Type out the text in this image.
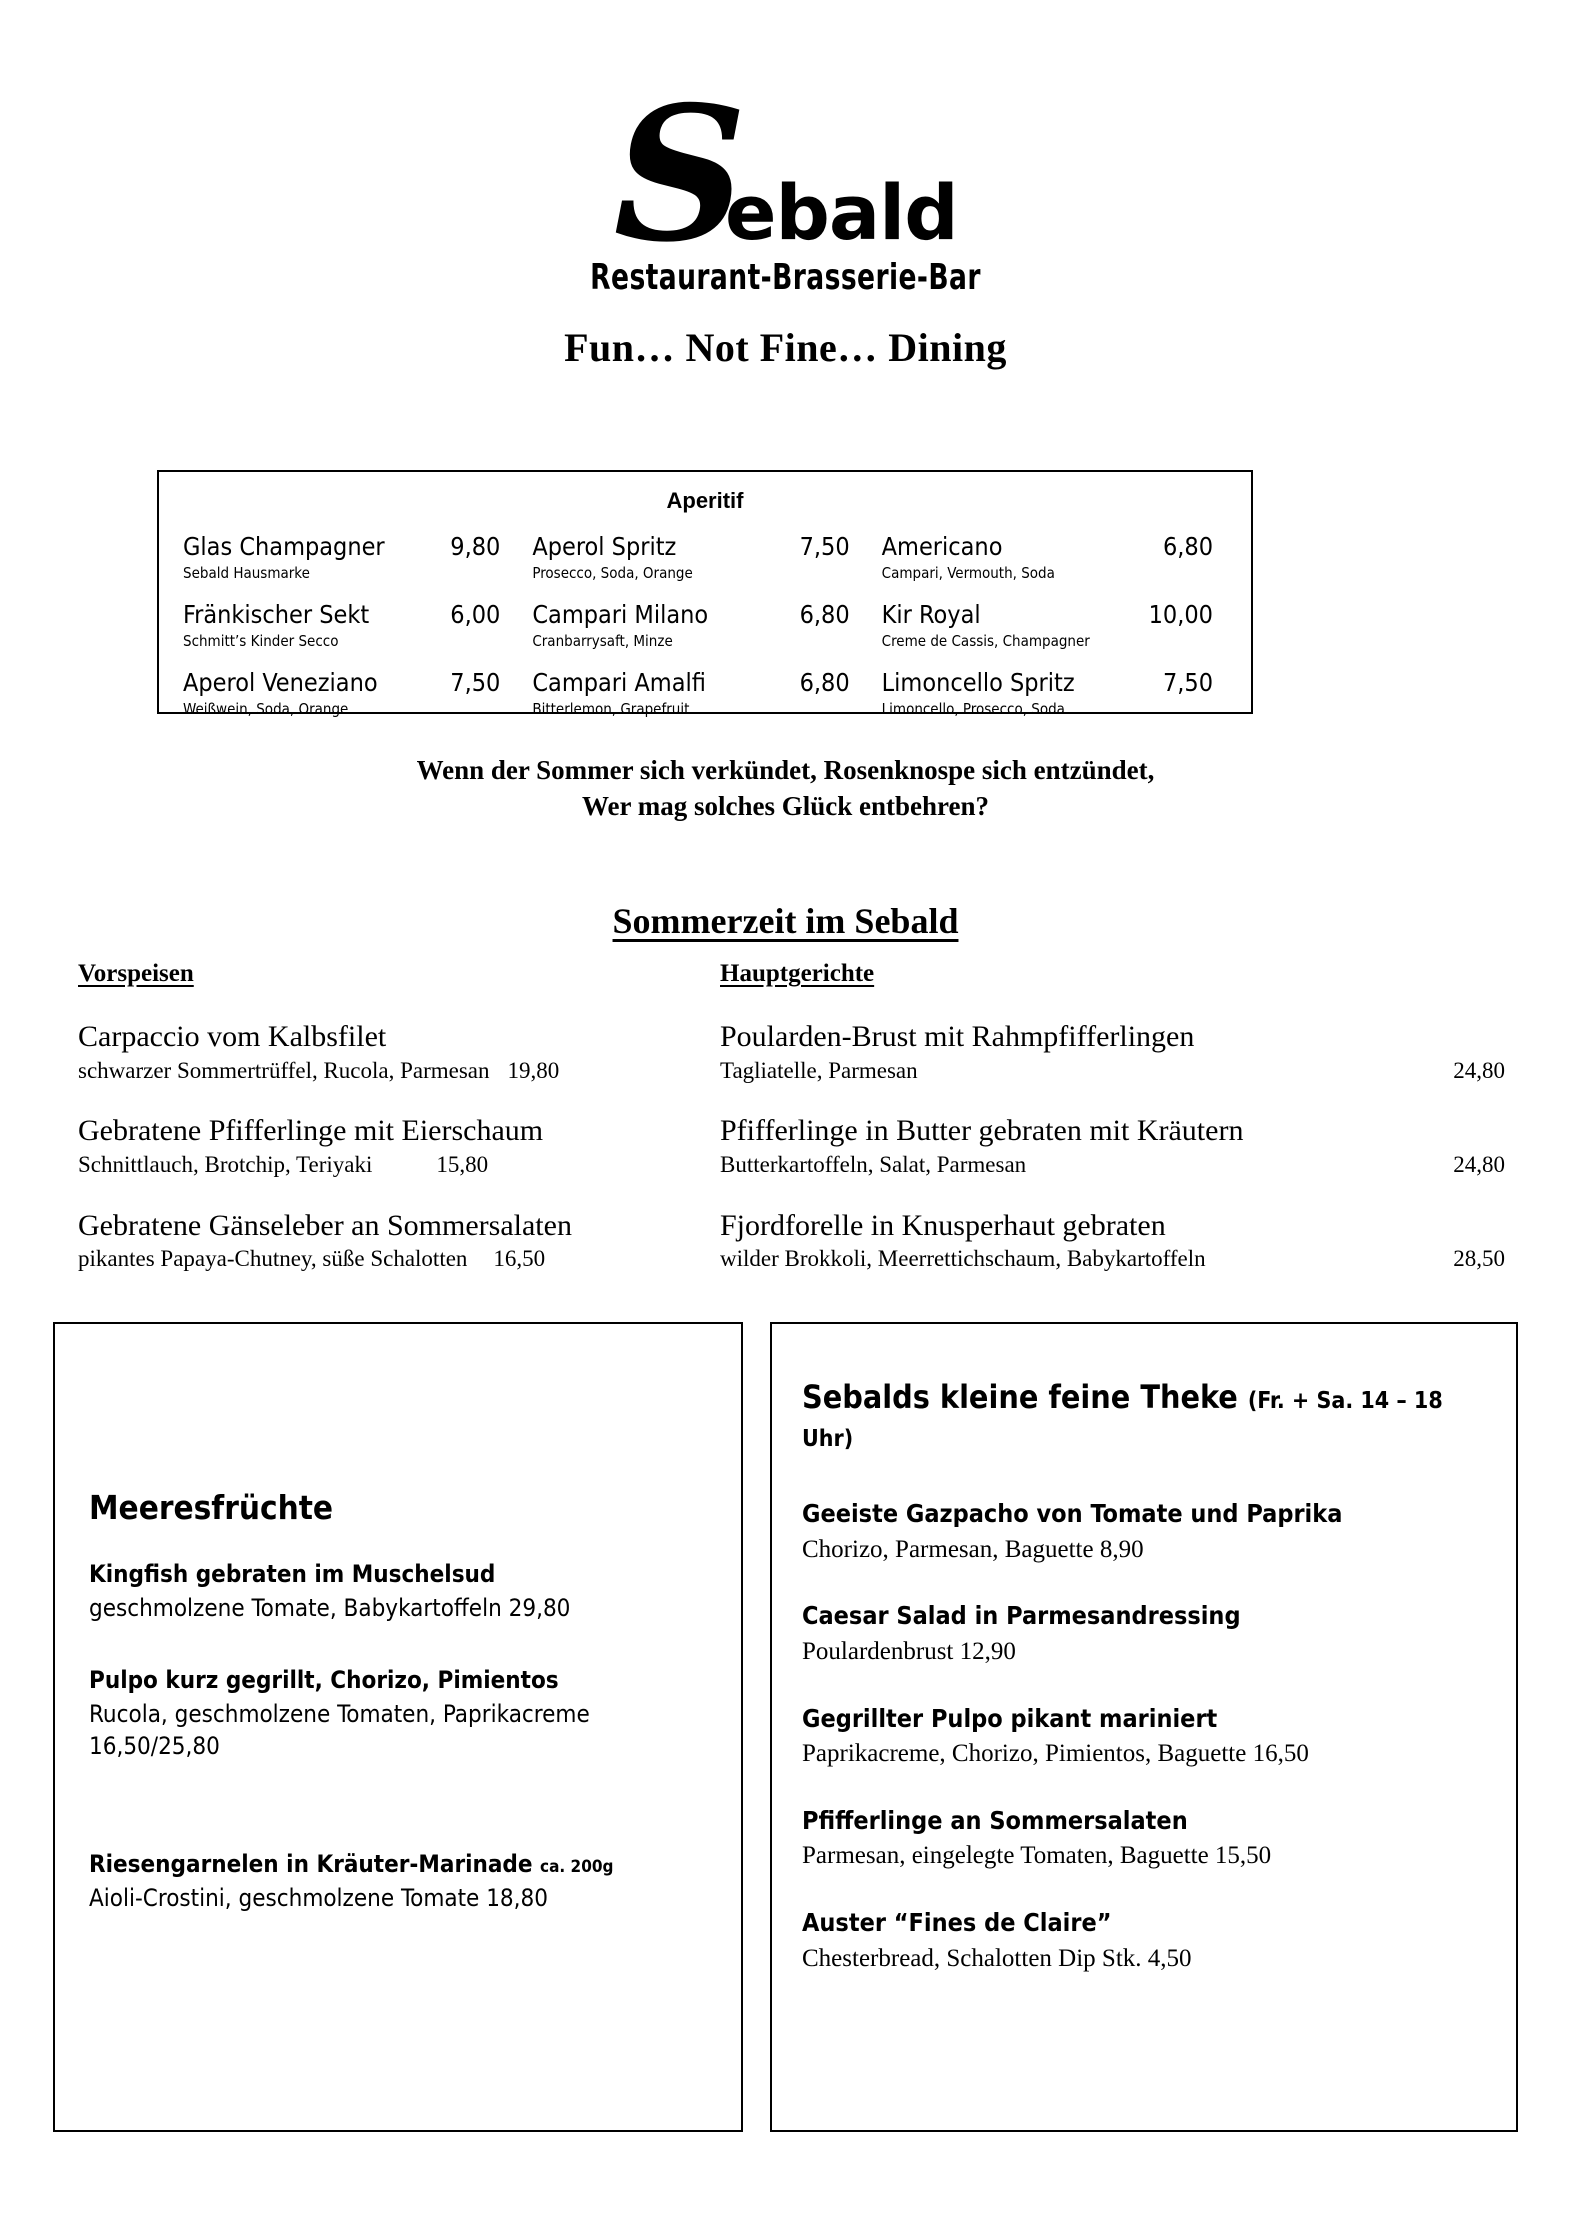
Sebald
Restaurant-Brasserie-Bar
Fun… Not Fine… Dining
Aperitif
Glas Champagner	9,80
Sebald Hausmarke
Fränkischer Sekt	6,00
Schmitt’s Kinder Secco
Aperol Veneziano	7,50
Weißwein, Soda, Orange
Aperol Spritz	7,50
Prosecco, Soda, Orange
Campari Milano	6,80
Cranbarrysaft, Minze
Campari Amalfi	6,80
Bitterlemon, Grapefruit
Americano	6,80
Campari, Vermouth, Soda
Kir Royal	10,00
Creme de Cassis, Champagner
Limoncello Spritz	7,50
Limoncello, Prosecco, Soda
Wenn der Sommer sich verkündet, Rosenknospe sich entzündet,
Wer mag solches Glück entbehren?
Sommerzeit im Sebald
Vorspeisen
Carpaccio vom Kalbsfilet
schwarzer Sommertrüffel, Rucola, Parmesan 19,80
Gebratene Pfifferlinge mit Eierschaum
Schnittlauch, Brotchip, Teriyaki	15,80
Gebratene Gänseleber an Sommersalaten
pikantes Papaya-Chutney, süße Schalotten 16,50
Hauptgerichte
Poularden-Brust mit Rahmpfifferlingen
Tagliatelle, Parmesan	24,80
Pfifferlinge in Butter gebraten mit Kräutern
Butterkartoffeln, Salat, Parmesan	24,80
Fjordforelle in Knusperhaut gebraten
wilder Brokkoli, Meerrettichschaum, Babykartoffeln	28,50
Meeresfrüchte
Kingfish gebraten im Muschelsud
geschmolzene Tomate, Babykartoffeln 29,80
Pulpo kurz gegrillt, Chorizo, Pimientos
Rucola, geschmolzene Tomaten, Paprikacreme 16,50/25,80
Riesengarnelen in Kräuter-Marinade ca. 200g
Aioli-Crostini, geschmolzene Tomate 18,80
Sebalds kleine feine Theke (Fr. + Sa. 14 – 18 Uhr)
Geeiste Gazpacho von Tomate und Paprika
Chorizo, Parmesan, Baguette 8,90
Caesar Salad in Parmesandressing
Poulardenbrust 12,90
Gegrillter Pulpo pikant mariniert
Paprikacreme, Chorizo, Pimientos, Baguette 16,50
Pfifferlinge an Sommersalaten
Parmesan, eingelegte Tomaten, Baguette 15,50
Auster “Fines de Claire”
Chesterbread, Schalotten Dip Stk. 4,50
